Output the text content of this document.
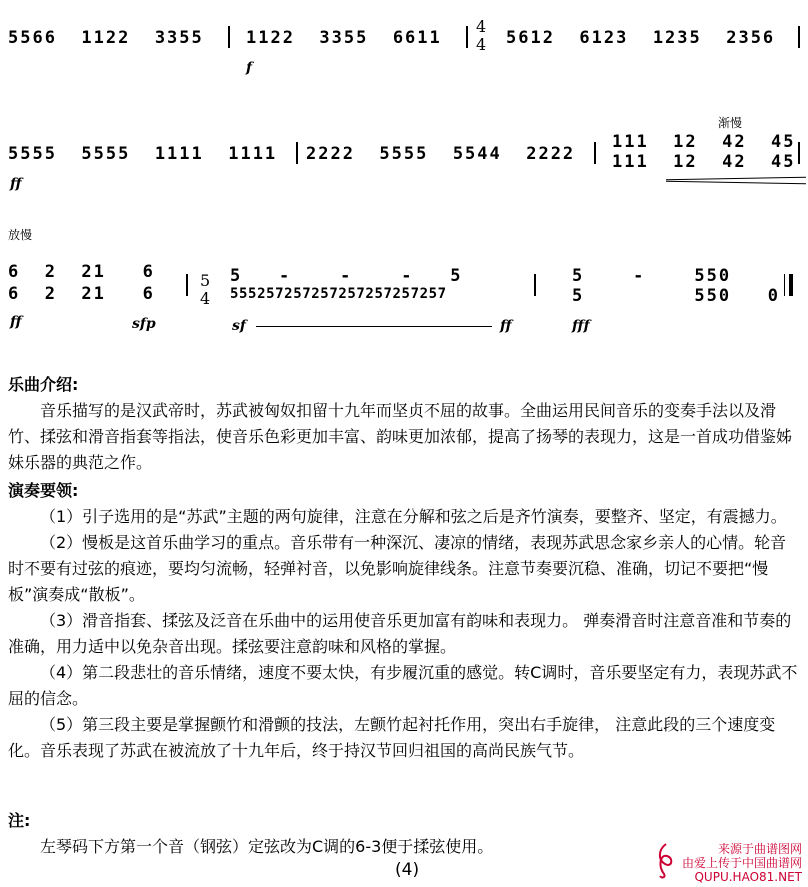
5566  1122  3355 1122  3355  6611
f
4
4 5612  6123  1235  2356
渐慢
5555  5555  1111  1111
ff
2222  5555  5544  2222
111  12  42  45
111  12  42  45
放慢
6  2  21   6
6  2  21   6
ff	sfp
5
4
5   -    -    -   5
555257257257257257257257
sf	ff
5    -    550
5         550   0
fff
乐曲介绍:

音乐描写的是汉武帝时，苏武被匈奴扣留十九年而坚贞不屈的故事。全曲运用民间音乐的变奏手法以及滑竹、揉弦和滑音指套等指法，使音乐色彩更加丰富、韵味更加浓郁，提高了扬琴的表现力，这是一首成功借鉴姊妹乐器的典范之作。

演奏要领:

（1）引子选用的是“苏武”主题的两句旋律，注意在分解和弦之后是齐竹演奏，要整齐、坚定，有震撼力。

（2）慢板是这首乐曲学习的重点。音乐带有一种深沉、凄凉的情绪，表现苏武思念家乡亲人的心情。轮音时不要有过弦的痕迹，要均匀流畅，轻弹衬音，以免影响旋律线条。注意节奏要沉稳、准确，切记不要把“慢板”演奏成“散板”。

（3）滑音指套、揉弦及泛音在乐曲中的运用使音乐更加富有韵味和表现力。 弹奏滑音时注意音准和节奏的准确，用力适中以免杂音出现。揉弦要注意韵味和风格的掌握。

（4）第二段悲壮的音乐情绪，速度不要太快，有步履沉重的感觉。转C调时，音乐要坚定有力，表现苏武不屈的信念。

（5）第三段主要是掌握颤竹和滑颤的技法，左颤竹起衬托作用，突出右手旋律， 注意此段的三个速度变化。音乐表现了苏武在被流放了十九年后，终于持汉节回归祖国的高尚民族气节。

注:

左琴码下方第一个音（钢弦）定弦改为C调的6-3便于揉弦使用。

(4)
来源于曲谱图网
由爱上传于中国曲谱网
QUPU.HAO81.NET
